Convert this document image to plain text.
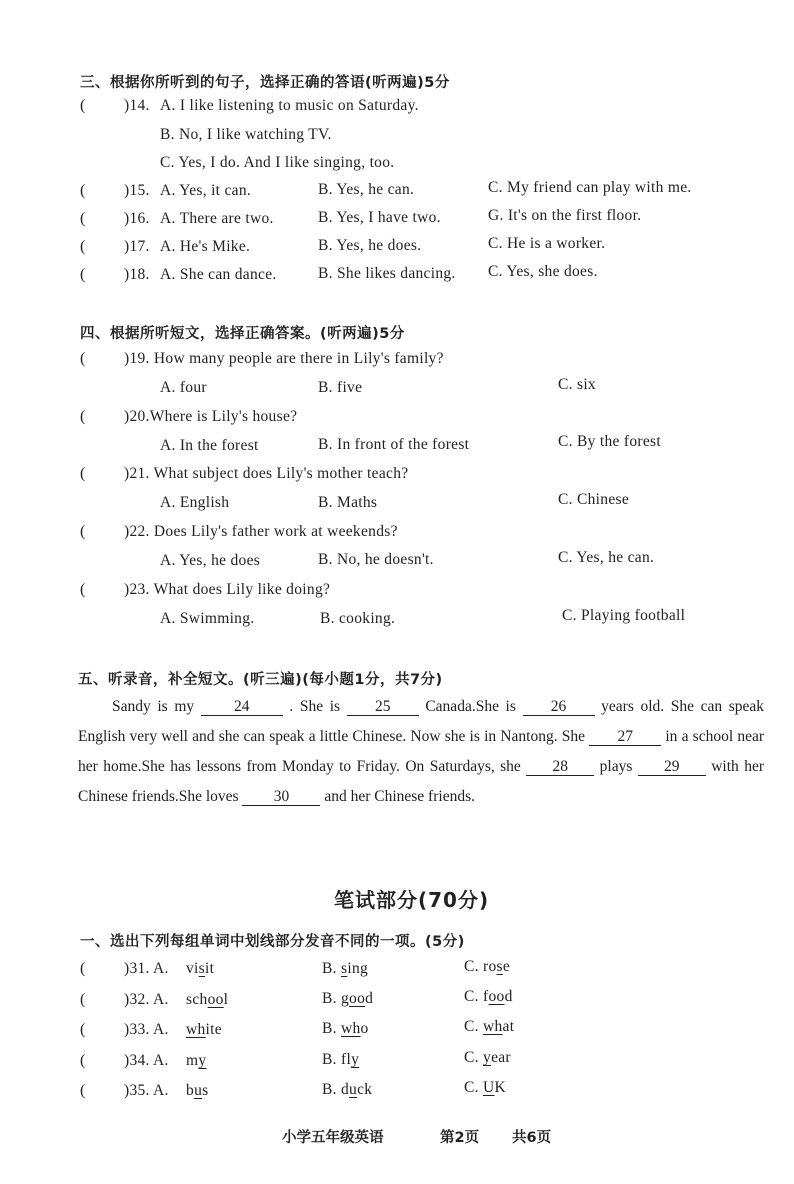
三、根据你所听到的句子，选择正确的答语(听两遍)5分
( )14. A. I like listening to music on Saturday.
B. No, I like watching TV.
C. Yes, I do. And I like singing, too.
( )15. A. Yes, it can.	B. Yes, he can.	C. My friend can play with me.
( )16. A. There are two.	B. Yes, I have two.	G. It's on the first floor.
( )17. A. He's Mike.	B. Yes, he does.	C. He is a worker.
( )18. A. She can dance.	B. She likes dancing. C. Yes, she does.
四、根据所听短文，选择正确答案。(听两遍)5分
( )19. How many people are there in Lily's family?
A. four	B. five	C. six
( )20.Where is Lily's house?
A. In the forest	B. In front of the forest	C. By the forest
( )21. What subject does Lily's mother teach?
A. English	B. Maths	C. Chinese
( )22. Does Lily's father work at weekends?
A. Yes, he does	B. No, he doesn't.	C. Yes, he can.
( )23. What does Lily like doing?
A. Swimming.	B. cooking.	C. Playing football
五、听录音，补全短文。(听三遍)(每小题1分，共7分)
Sandy is my	24	. She is 25 Canada.She is 26 years old. She can speak English very well and she can speak a little Chinese. Now she is in Nantong. She 27 in a school near her home.She has lessons from Monday to Friday. On Saturdays, she 28 plays 29 with her Chinese friends.She loves 30 and her Chinese friends.
笔试部分(70分)
一、选出下列每组单词中划线部分发音不同的一项。(5分)
( )31. A. visit	B. sing	C. rose
( )32. A. school	B. good	C. food
( )33. A. white	B. who	C. what
( )34. A. my	B. fly	C. year
( )35. A. bus	B. duck	C. UK
小学五年级英语	第2页 共6页
